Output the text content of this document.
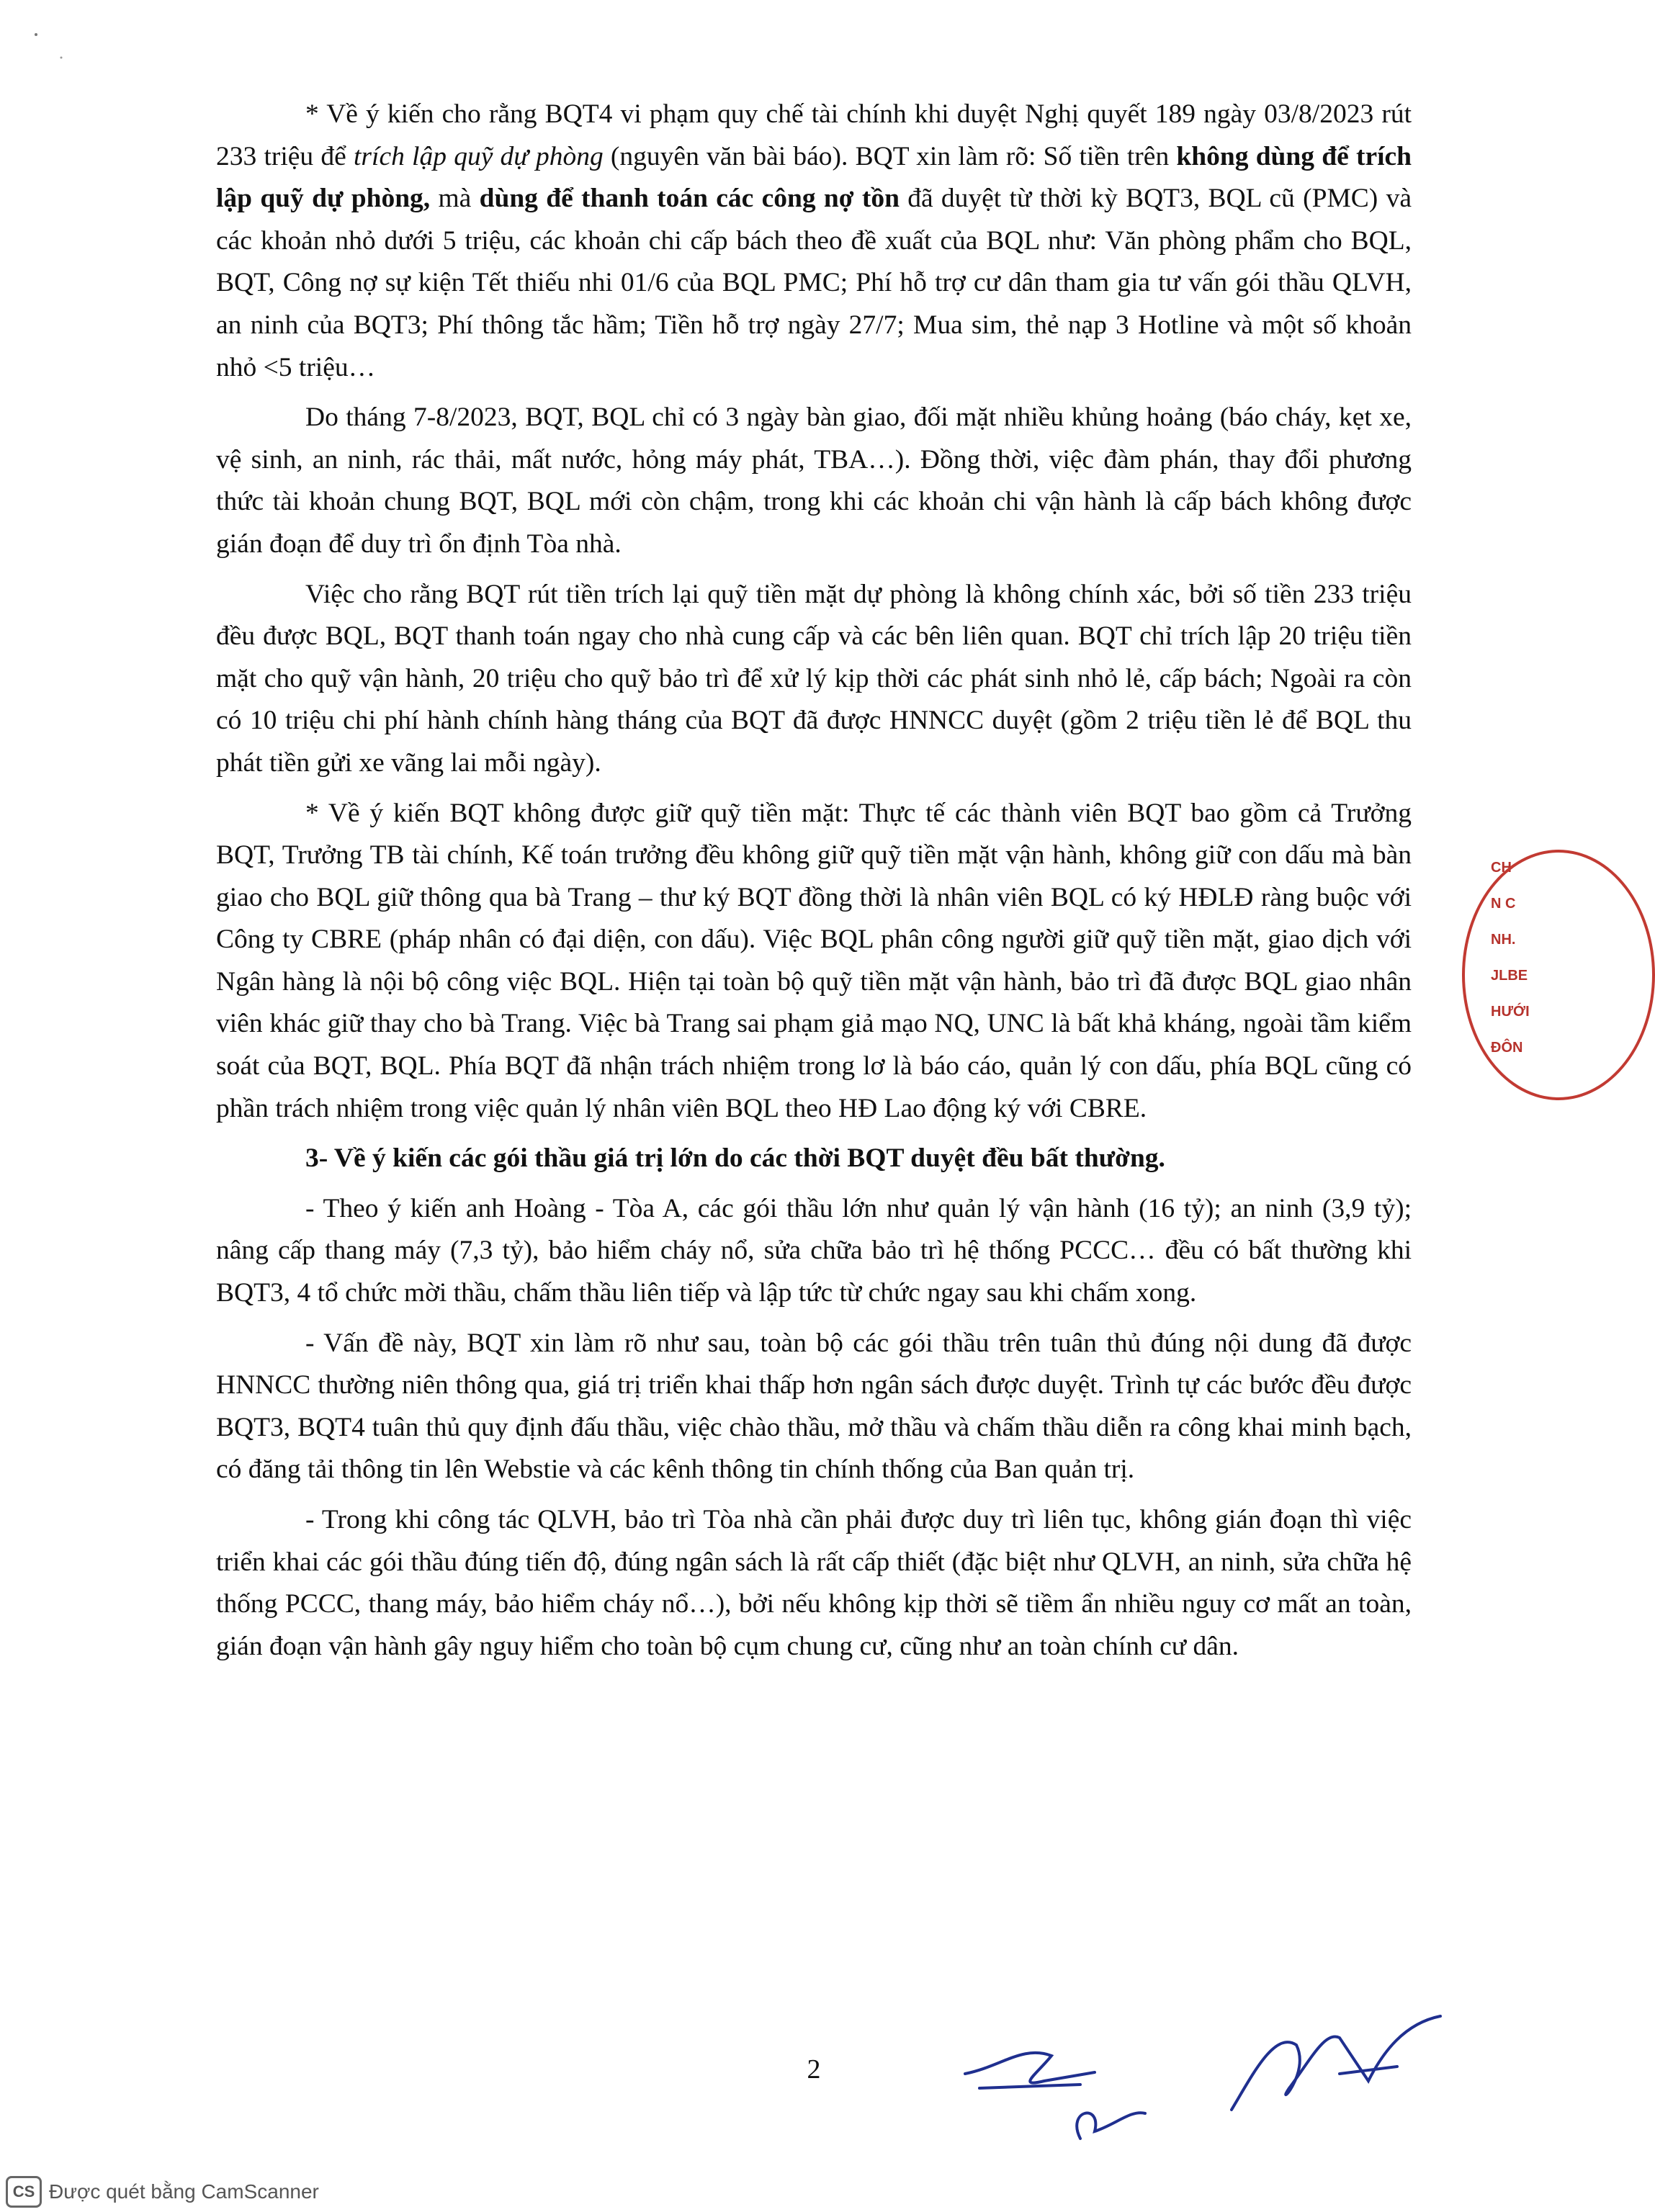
* Về ý kiến cho rằng BQT4 vi phạm quy chế tài chính khi duyệt Nghị quyết 189 ngày 03/8/2023 rút 233 triệu để trích lập quỹ dự phòng (nguyên văn bài báo). BQT xin làm rõ: Số tiền trên không dùng để trích lập quỹ dự phòng, mà dùng để thanh toán các công nợ tồn đã duyệt từ thời kỳ BQT3, BQL cũ (PMC) và các khoản nhỏ dưới 5 triệu, các khoản chi cấp bách theo đề xuất của BQL như: Văn phòng phẩm cho BQL, BQT, Công nợ sự kiện Tết thiếu nhi 01/6 của BQL PMC; Phí hỗ trợ cư dân tham gia tư vấn gói thầu QLVH, an ninh của BQT3; Phí thông tắc hầm; Tiền hỗ trợ ngày 27/7; Mua sim, thẻ nạp 3 Hotline và một số khoản nhỏ <5 triệu…

Do tháng 7-8/2023, BQT, BQL chỉ có 3 ngày bàn giao, đối mặt nhiều khủng hoảng (báo cháy, kẹt xe, vệ sinh, an ninh, rác thải, mất nước, hỏng máy phát, TBA…). Đồng thời, việc đàm phán, thay đổi phương thức tài khoản chung BQT, BQL mới còn chậm, trong khi các khoản chi vận hành là cấp bách không được gián đoạn để duy trì ổn định Tòa nhà.

Việc cho rằng BQT rút tiền trích lại quỹ tiền mặt dự phòng là không chính xác, bởi số tiền 233 triệu đều được BQL, BQT thanh toán ngay cho nhà cung cấp và các bên liên quan. BQT chỉ trích lập 20 triệu tiền mặt cho quỹ vận hành, 20 triệu cho quỹ bảo trì để xử lý kịp thời các phát sinh nhỏ lẻ, cấp bách; Ngoài ra còn có 10 triệu chi phí hành chính hàng tháng của BQT đã được HNNCC duyệt (gồm 2 triệu tiền lẻ để BQL thu phát tiền gửi xe vãng lai mỗi ngày).

* Về ý kiến BQT không được giữ quỹ tiền mặt: Thực tế các thành viên BQT bao gồm cả Trưởng BQT, Trưởng TB tài chính, Kế toán trưởng đều không giữ quỹ tiền mặt vận hành, không giữ con dấu mà bàn giao cho BQL giữ thông qua bà Trang – thư ký BQT đồng thời là nhân viên BQL có ký HĐLĐ ràng buộc với Công ty CBRE (pháp nhân có đại diện, con dấu). Việc BQL phân công người giữ quỹ tiền mặt, giao dịch với Ngân hàng là nội bộ công việc BQL. Hiện tại toàn bộ quỹ tiền mặt vận hành, bảo trì đã được BQL giao nhân viên khác giữ thay cho bà Trang. Việc bà Trang sai phạm giả mạo NQ, UNC là bất khả kháng, ngoài tầm kiểm soát của BQT, BQL. Phía BQT đã nhận trách nhiệm trong lơ là báo cáo, quản lý con dấu, phía BQL cũng có phần trách nhiệm trong việc quản lý nhân viên BQL theo HĐ Lao động ký với CBRE.

3- Về ý kiến các gói thầu giá trị lớn do các thời BQT duyệt đều bất thường.

- Theo ý kiến anh Hoàng - Tòa A, các gói thầu lớn như quản lý vận hành (16 tỷ); an ninh (3,9 tỷ); nâng cấp thang máy (7,3 tỷ), bảo hiểm cháy nổ, sửa chữa bảo trì hệ thống PCCC… đều có bất thường khi BQT3, 4 tổ chức mời thầu, chấm thầu liên tiếp và lập tức từ chức ngay sau khi chấm xong.

- Vấn đề này, BQT xin làm rõ như sau, toàn bộ các gói thầu trên tuân thủ đúng nội dung đã được HNNCC thường niên thông qua, giá trị triển khai thấp hơn ngân sách được duyệt. Trình tự các bước đều được BQT3, BQT4 tuân thủ quy định đấu thầu, việc chào thầu, mở thầu và chấm thầu diễn ra công khai minh bạch, có đăng tải thông tin lên Webstie và các kênh thông tin chính thống của Ban quản trị.

- Trong khi công tác QLVH, bảo trì Tòa nhà cần phải được duy trì liên tục, không gián đoạn thì việc triển khai các gói thầu đúng tiến độ, đúng ngân sách là rất cấp thiết (đặc biệt như QLVH, an ninh, sửa chữa hệ thống PCCC, thang máy, bảo hiểm cháy nổ…), bởi nếu không kịp thời sẽ tiềm ẩn nhiều nguy cơ mất an toàn, gián đoạn vận hành gây nguy hiểm cho toàn bộ cụm chung cư, cũng như an toàn chính cư dân.

2
CH
N C
NH.
JLBE
HƯỚI
ĐÔN
CS Được quét bằng CamScanner
